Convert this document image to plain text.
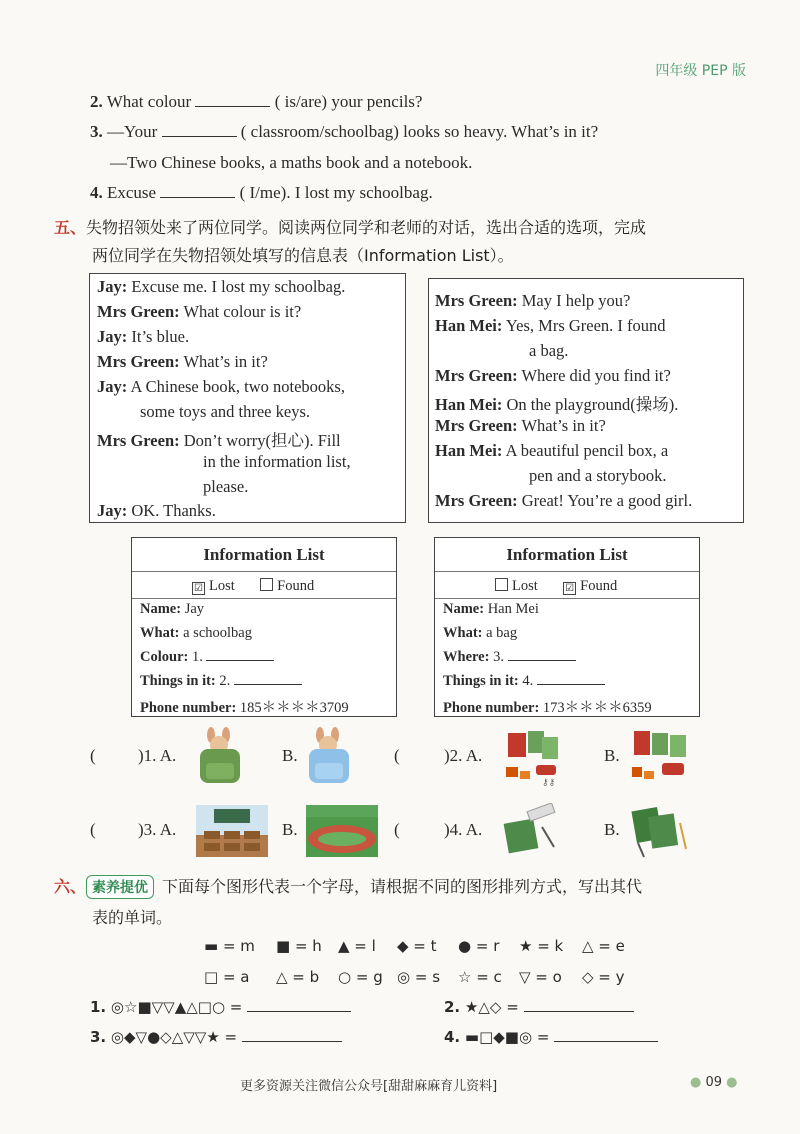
四年级 PEP 版
2. What colour	( is/are) your pencils?
3. —Your	( classroom/schoolbag) looks so heavy. What’s in it?
—Two Chinese books, a maths book and a notebook.
4. Excuse	( I/me). I lost my schoolbag.
五、失物招领处来了两位同学。阅读两位同学和老师的对话，选出合适的选项，完成
两位同学在失物招领处填写的信息表（Information List）。
Jay: Excuse me. I lost my schoolbag.
Mrs Green: What colour is it?
Jay: It’s blue.
Mrs Green: What’s in it?
Jay: A Chinese book, two notebooks,
some toys and three keys.
Mrs Green: Don’t worry(担心). Fill
in the information list,
please.
Jay: OK. Thanks.
Mrs Green: May I help you?
Han Mei: Yes, Mrs Green. I found
a bag.
Mrs Green: Where did you find it?
Han Mei: On the playground(操场).
Mrs Green: What’s in it?
Han Mei: A beautiful pencil box, a
pen and a storybook.
Mrs Green: Great! You’re a good girl.
Information List
☑ Lost	Found
Name: Jay
What: a schoolbag
Colour: 1.
Things in it: 2.
Phone number: 185＊＊＊＊3709
Information List
Lost	☑ Found
Name: Han Mei
What: a bag
Where: 3.
Things in it: 4.
Phone number: 173＊＊＊＊6359
( )1. A.	B.	(	)2. A.
⚷⚷
B.
( )3. A.	B.	(	)4. A.	B.
六、 素养提优 下面每个图形代表一个字母，请根据不同的图形排列方式，写出其代
表的单词。
▬ = m ■ = h ▲ = l ◆ = t ● = r ★ = k △ = e
□ = a △ = b ○ = g ◎ = s ☆ = c ▽ = o ◇ = y
1. ◎☆■▽▽▲△□○ =	2. ★△◇ =
3. ◎◆▽●◇△▽▽★ =	4. ▬□◆■◎ =
更多资源关注微信公众号[甜甜麻麻育儿资料]	● 09 ●
